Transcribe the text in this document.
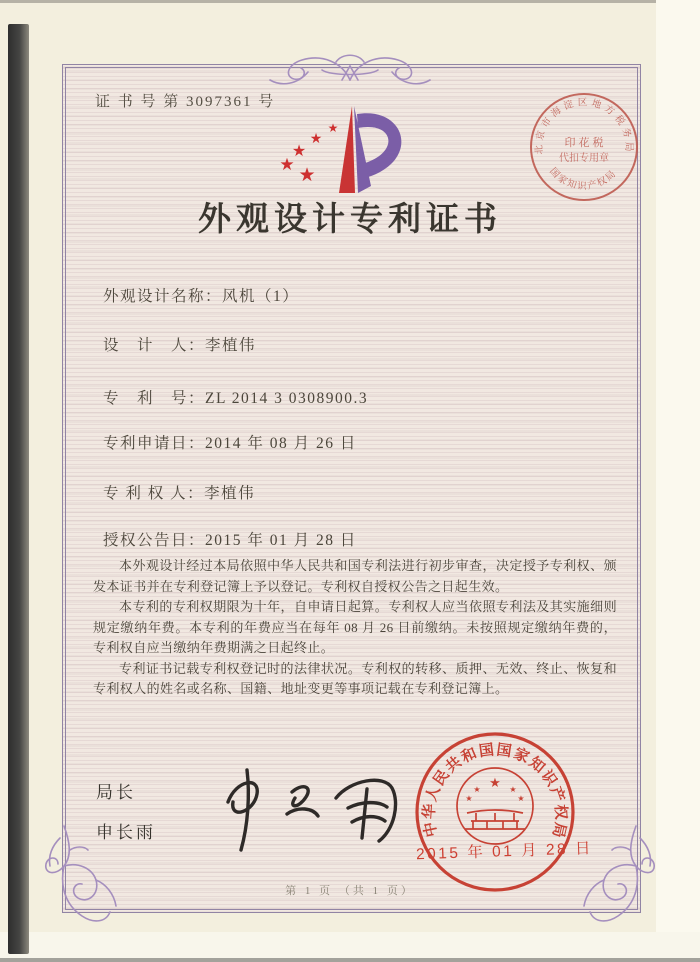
证 书 号 第 3097361 号
外观设计专利证书
外观设计名称：风机（1）
设　计　人：李植伟
专　利　号：ZL 2014 3 0308900.3
专利申请日：2014 年 08 月 26 日
专 利 权 人：李植伟
授权公告日：2015 年 01 月 28 日

本外观设计经过本局依照中华人民共和国专利法进行初步审查，决定授予专利权、颁发本证书并在专利登记簿上予以登记。专利权自授权公告之日起生效。

本专利的专利权期限为十年，自申请日起算。专利权人应当依照专利法及其实施细则规定缴纳年费。本专利的年费应当在每年 08 月 26 日前缴纳。未按照规定缴纳年费的，专利权自应当缴纳年费期满之日起终止。

专利证书记载专利权登记时的法律状况。专利权的转移、质押、无效、终止、恢复和专利权人的姓名或名称、国籍、地址变更等事项记载在专利登记簿上。

局长
申长雨
第 1 页 （共 1 页）
★
★
★
★ ★
北京市海淀区地方税务局
国家知识产权局
印 花 税
代扣专用章
中华人民共和国国家知识产权局
★
★	★
★	★
2015 年 01 月 28 日
